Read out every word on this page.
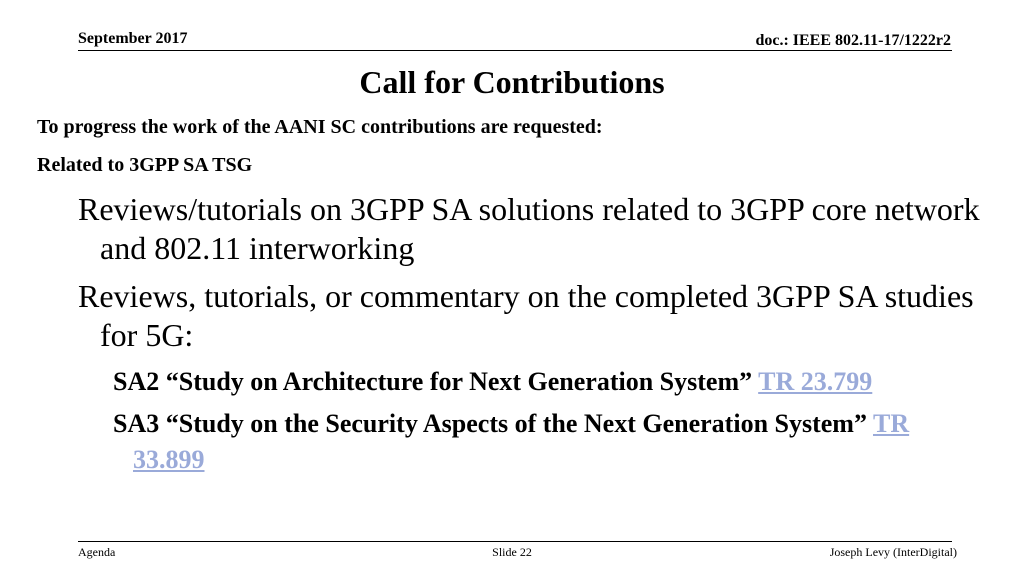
September 2017	doc.: IEEE 802.11-17/1222r2
Call for Contributions
To progress the work of the AANI SC contributions are requested:
Related to 3GPP SA TSG
Reviews/tutorials on 3GPP SA solutions related to 3GPP core network and 802.11 interworking
Reviews, tutorials, or commentary on the completed 3GPP SA studies for 5G:
SA2 “Study on Architecture for Next Generation System” TR 23.799
SA3 “Study on the Security Aspects of the Next Generation System” TR 33.899
Agenda	Slide 22	Joseph Levy (InterDigital)
